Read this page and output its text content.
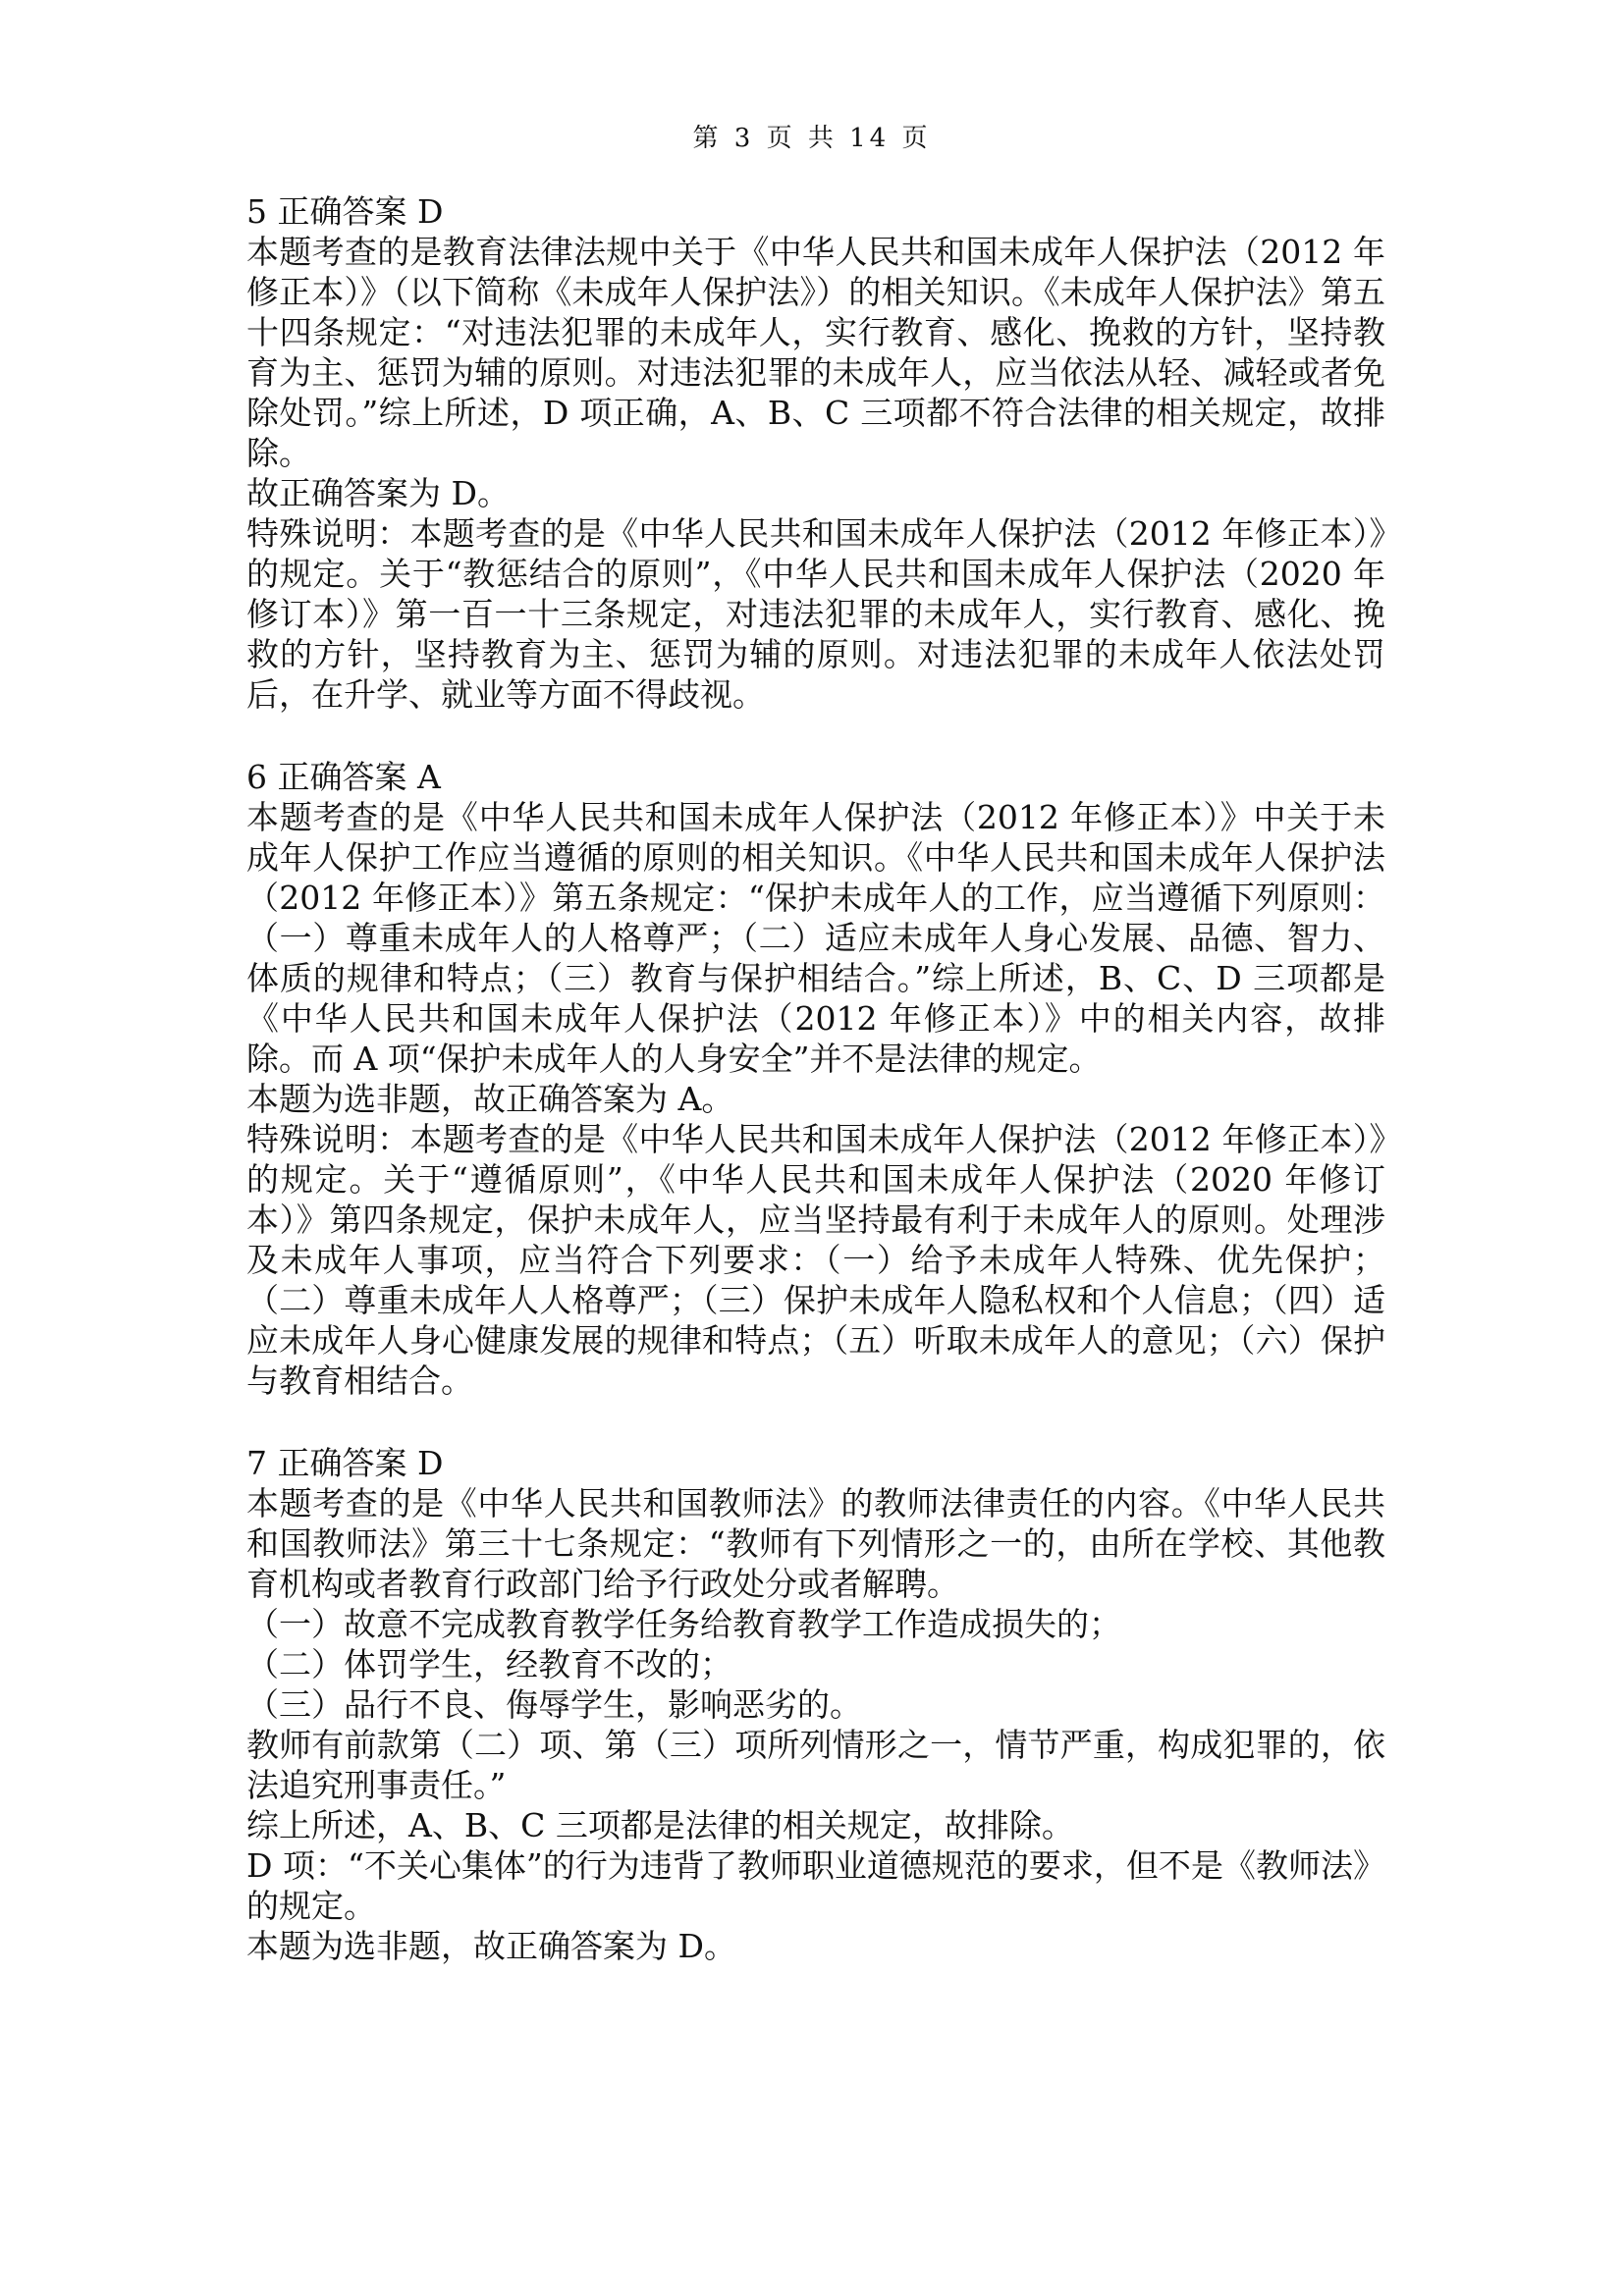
第 3 页 共 14 页
5 正确答案 D

本题考查的是教育法律法规中关于《中华人民共和国未成年人保护法（2012 年修正本）》（以下简称《未成年人保护法》）的相关知识。《未成年人保护法》第五十四条规定：“对违法犯罪的未成年人，实行教育、感化、挽救的方针，坚持教育为主、惩罚为辅的原则。对违法犯罪的未成年人，应当依法从轻、减轻或者免除处罚。”综上所述，D 项正确，A、B、C 三项都不符合法律的相关规定，故排除。

故正确答案为 D。

特殊说明：本题考查的是《中华人民共和国未成年人保护法（2012 年修正本）》的规定。关于“教惩结合的原则”，《中华人民共和国未成年人保护法（2020 年修订本）》第一百一十三条规定，对违法犯罪的未成年人，实行教育、感化、挽救的方针，坚持教育为主、惩罚为辅的原则。对违法犯罪的未成年人依法处罚后，在升学、就业等方面不得歧视。

6 正确答案 A

本题考查的是《中华人民共和国未成年人保护法（2012 年修正本）》中关于未成年人保护工作应当遵循的原则的相关知识。《中华人民共和国未成年人保护法（2012 年修正本）》第五条规定：“保护未成年人的工作，应当遵循下列原则：（一）尊重未成年人的人格尊严；（二）适应未成年人身心发展、品德、智力、体质的规律和特点；（三）教育与保护相结合。”综上所述，B、C、D 三项都是《中华人民共和国未成年人保护法（2012 年修正本）》中的相关内容，故排除。而 A 项“保护未成年人的人身安全”并不是法律的规定。

本题为选非题，故正确答案为 A。

特殊说明：本题考查的是《中华人民共和国未成年人保护法（2012 年修正本）》的规定。关于“遵循原则”，《中华人民共和国未成年人保护法（2020 年修订本）》第四条规定，保护未成年人，应当坚持最有利于未成年人的原则。处理涉及未成年人事项，应当符合下列要求：（一）给予未成年人特殊、优先保护；（二）尊重未成年人人格尊严；（三）保护未成年人隐私权和个人信息；（四）适应未成年人身心健康发展的规律和特点；（五）听取未成年人的意见；（六）保护与教育相结合。

7 正确答案 D

本题考查的是《中华人民共和国教师法》的教师法律责任的内容。《中华人民共和国教师法》第三十七条规定：“教师有下列情形之一的，由所在学校、其他教育机构或者教育行政部门给予行政处分或者解聘。

（一）故意不完成教育教学任务给教育教学工作造成损失的；

（二）体罚学生，经教育不改的；

（三）品行不良、侮辱学生，影响恶劣的。

教师有前款第（二）项、第（三）项所列情形之一，情节严重，构成犯罪的，依法追究刑事责任。”

综上所述，A、B、C 三项都是法律的相关规定，故排除。

D 项：“不关心集体”的行为违背了教师职业道德规范的要求，但不是《教师法》的规定。

本题为选非题，故正确答案为 D。
